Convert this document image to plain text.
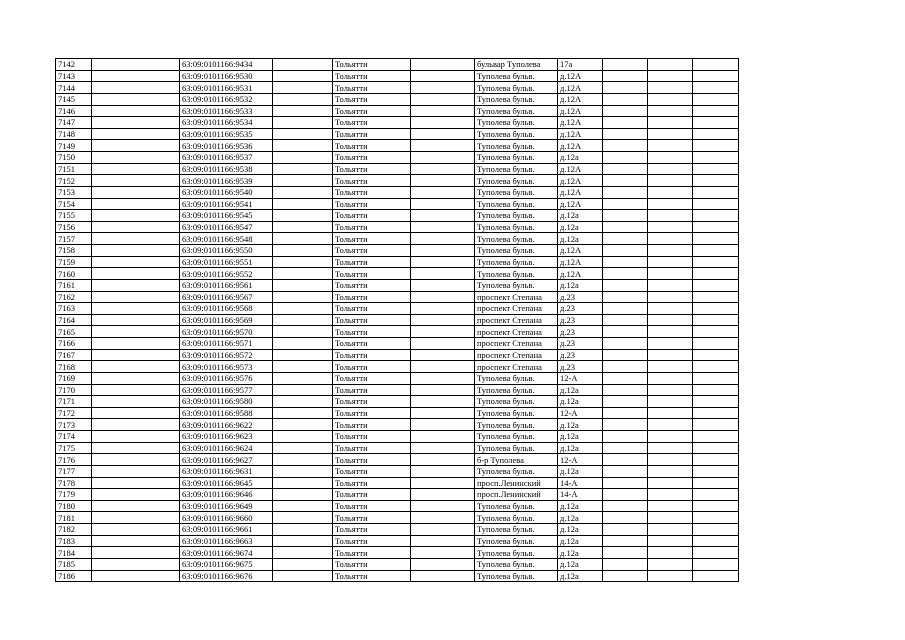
7142		63:09:0101166:9434		Тольятти		бульвар Туполева	17а			
7143		63:09:0101166:9530		Тольятти		Туполева бульв.	д.12А			
7144		63:09:0101166:9531		Тольятти		Туполева бульв.	д.12А			
7145		63:09:0101166:9532		Тольятти		Туполева бульв.	д.12А			
7146		63:09:0101166:9533		Тольятти		Туполева бульв.	д.12А			
7147		63:09:0101166:9534		Тольятти		Туполева бульв.	д.12А			
7148		63:09:0101166:9535		Тольятти		Туполева бульв.	д.12А			
7149		63:09:0101166:9536		Тольятти		Туполева бульв.	д.12А			
7150		63:09:0101166:9537		Тольятти		Туполева бульв.	д.12а			
7151		63:09:0101166:9538		Тольятти		Туполева бульв.	д.12А			
7152		63:09:0101166:9539		Тольятти		Туполева бульв.	д.12А			
7153		63:09:0101166:9540		Тольятти		Туполева бульв.	д.12А			
7154		63:09:0101166:9541		Тольятти		Туполева бульв.	д.12А			
7155		63:09:0101166:9545		Тольятти		Туполева бульв.	д.12а			
7156		63:09:0101166:9547		Тольятти		Туполева бульв.	д.12а			
7157		63:09:0101166:9548		Тольятти		Туполева бульв.	д.12а			
7158		63:09:0101166:9550		Тольятти		Туполева бульв.	д.12А			
7159		63:09:0101166:9551		Тольятти		Туполева бульв.	д.12А			
7160		63:09:0101166:9552		Тольятти		Туполева бульв.	д.12А			
7161		63:09:0101166:9561		Тольятти		Туполева бульв.	д.12а			
7162		63:09:0101166:9567		Тольятти		проспект Степана	д.23			
7163		63:09:0101166:9568		Тольятти		проспект Степана	д.23			
7164		63:09:0101166:9569		Тольятти		проспект Степана	д.23			
7165		63:09:0101166:9570		Тольятти		проспект Степана	д.23			
7166		63:09:0101166:9571		Тольятти		проспект Степана	д.23			
7167		63:09:0101166:9572		Тольятти		проспект Степана	д.23			
7168		63:09:0101166:9573		Тольятти		проспект Степана	д.23			
7169		63:09:0101166:9576		Тольятти		Туполева бульв.	12-А			
7170		63:09:0101166:9577		Тольятти		Туполева бульв.	д.12а			
7171		63:09:0101166:9580		Тольятти		Туполева бульв.	д.12а			
7172		63:09:0101166:9588		Тольятти		Туполева бульв.	12-А			
7173		63:09:0101166:9622		Тольятти		Туполева бульв.	д.12а			
7174		63:09:0101166:9623		Тольятти		Туполева бульв.	д.12а			
7175		63:09:0101166:9624		Тольятти		Туполева бульв.	д.12а			
7176		63:09:0101166:9627		Тольятти		б-р Туполева	12-А			
7177		63:09:0101166:9631		Тольятти		Туполева бульв.	д.12а			
7178		63:09:0101166:9645		Тольятти		просп.Ленинский	14-А			
7179		63:09:0101166:9646		Тольятти		просп.Ленинский	14-А			
7180		63:09:0101166:9649		Тольятти		Туполева бульв.	д.12а			
7181		63:09:0101166:9660		Тольятти		Туполева бульв.	д.12а			
7182		63:09:0101166:9661		Тольятти		Туполева бульв.	д.12а			
7183		63:09:0101166:9663		Тольятти		Туполева бульв.	д.12а			
7184		63:09:0101166:9674		Тольятти		Туполева бульв.	д.12а			
7185		63:09:0101166:9675		Тольятти		Туполева бульв.	д.12а			
7186		63:09:0101166:9676		Тольятти		Туполева бульв.	д.12а			
